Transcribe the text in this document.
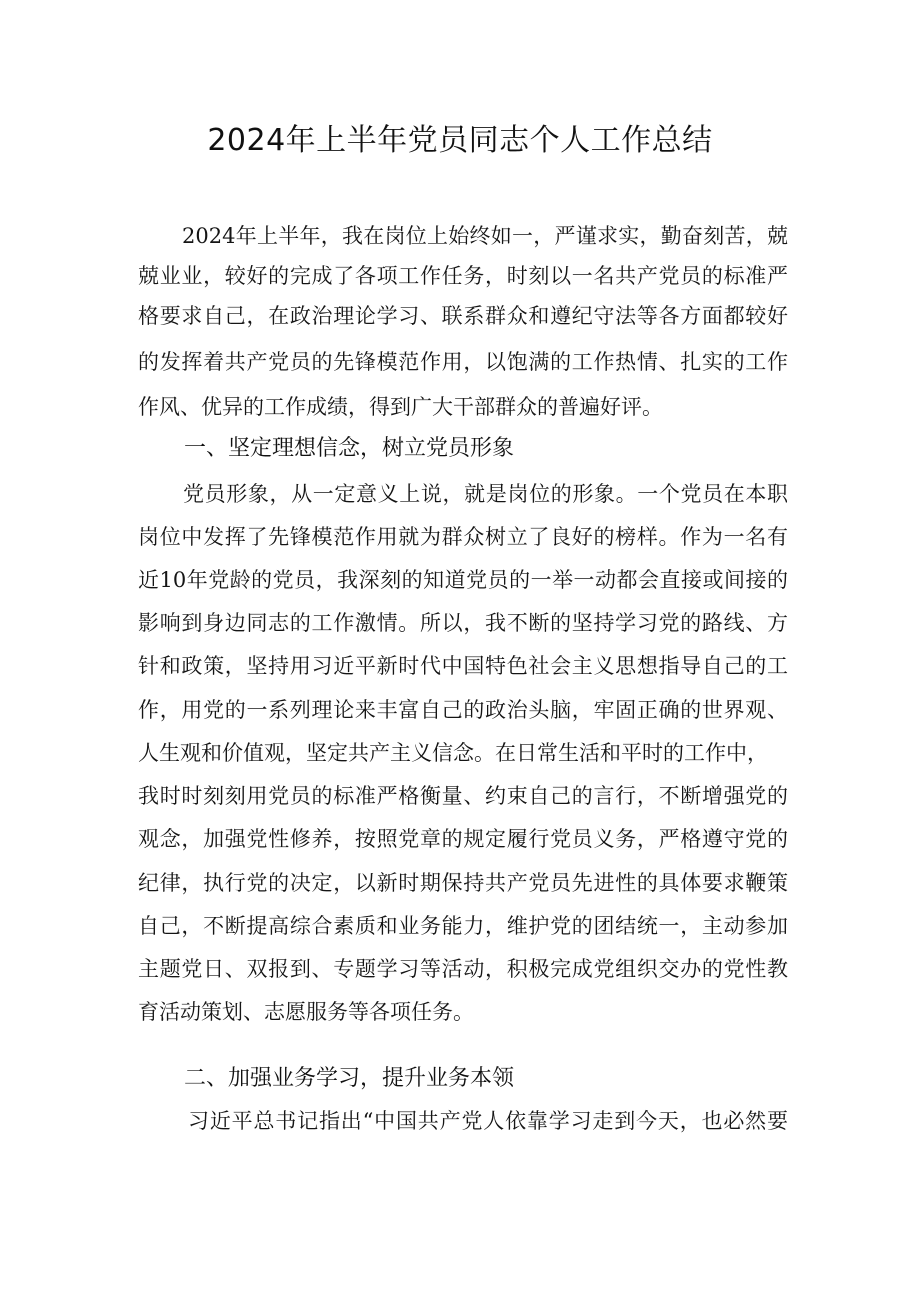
2024年上半年党员同志个人工作总结
2024年上半年，我在岗位上始终如一，严谨求实，勤奋刻苦，兢
兢业业，较好的完成了各项工作任务，时刻以一名共产党员的标准严
格要求自己，在政治理论学习、联系群众和遵纪守法等各方面都较好
的发挥着共产党员的先锋模范作用，以饱满的工作热情、扎实的工作
作风、优异的工作成绩，得到广大干部群众的普遍好评。
一、坚定理想信念，树立党员形象
党员形象，从一定意义上说，就是岗位的形象。一个党员在本职
岗位中发挥了先锋模范作用就为群众树立了良好的榜样。作为一名有
近10年党龄的党员，我深刻的知道党员的一举一动都会直接或间接的
影响到身边同志的工作激情。所以，我不断的坚持学习党的路线、方
针和政策，坚持用习近平新时代中国特色社会主义思想指导自己的工
作，用党的一系列理论来丰富自己的政治头脑，牢固正确的世界观、
人生观和价值观，坚定共产主义信念。在日常生活和平时的工作中，
我时时刻刻用党员的标准严格衡量、约束自己的言行，不断增强党的
观念，加强党性修养，按照党章的规定履行党员义务，严格遵守党的
纪律，执行党的决定，以新时期保持共产党员先进性的具体要求鞭策
自己，不断提高综合素质和业务能力，维护党的团结统一，主动参加
主题党日、双报到、专题学习等活动，积极完成党组织交办的党性教
育活动策划、志愿服务等各项任务。
二、加强业务学习，提升业务本领
习近平总书记指出“中国共产党人依靠学习走到今天，也必然要
